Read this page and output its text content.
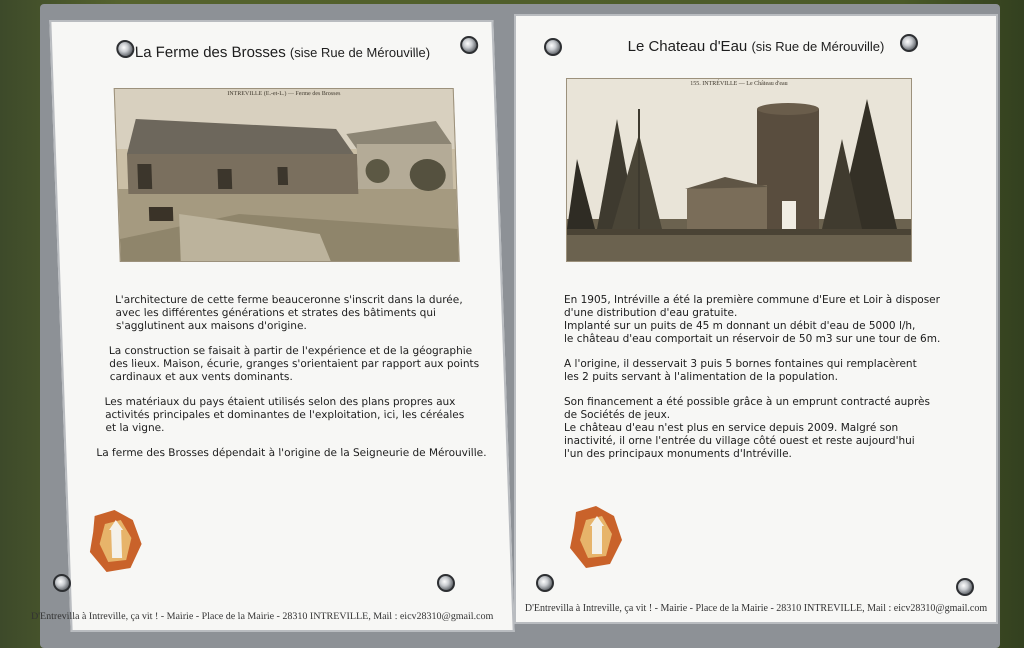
La Ferme des Brosses (sise Rue de Mérouville)
INTREVILLE (E.-et-L.) — Ferme des Brosses

L'architecture de cette ferme beauceronne s'inscrit dans la durée,
avec les différentes générations et strates des bâtiments qui
s'agglutinent aux maisons d'origine.

La construction se faisait à partir de l'expérience et de la géographie
des lieux. Maison, écurie, granges s'orientaient par rapport aux points
cardinaux et aux vents dominants.

Les matériaux du pays étaient utilisés selon des plans propres aux
activités principales et dominantes de l'exploitation, ici, les céréales
et la vigne.

La ferme des Brosses dépendait à l'origine de la Seigneurie de Mérouville.

D'Entrevilla à Intreville, ça vit ! - Mairie - Place de la Mairie - 28310 INTREVILLE, Mail : eicv28310@gmail.com
Le Chateau d'Eau (sis Rue de Mérouville)
155. INTRÉVILLE — Le Château d'eau

En 1905, Intréville a été la première commune d'Eure et Loir à disposer
d'une distribution d'eau gratuite.
Implanté sur un puits de 45 m donnant un débit d'eau de 5000 l/h,
le château d'eau comportait un réservoir de 50 m3 sur une tour de 6m.

A l'origine, il desservait 3 puis 5 bornes fontaines qui remplacèrent
les 2 puits servant à l'alimentation de la population.

Son financement a été possible grâce à un emprunt contracté auprès
de Sociétés de jeux.
Le château d'eau n'est plus en service depuis 2009. Malgré son
inactivité, il orne l'entrée du village côté ouest et reste aujourd'hui
l'un des principaux monuments d'Intréville.

D'Entrevilla à Intreville, ça vit ! - Mairie - Place de la Mairie - 28310 INTREVILLE, Mail : eicv28310@gmail.com
